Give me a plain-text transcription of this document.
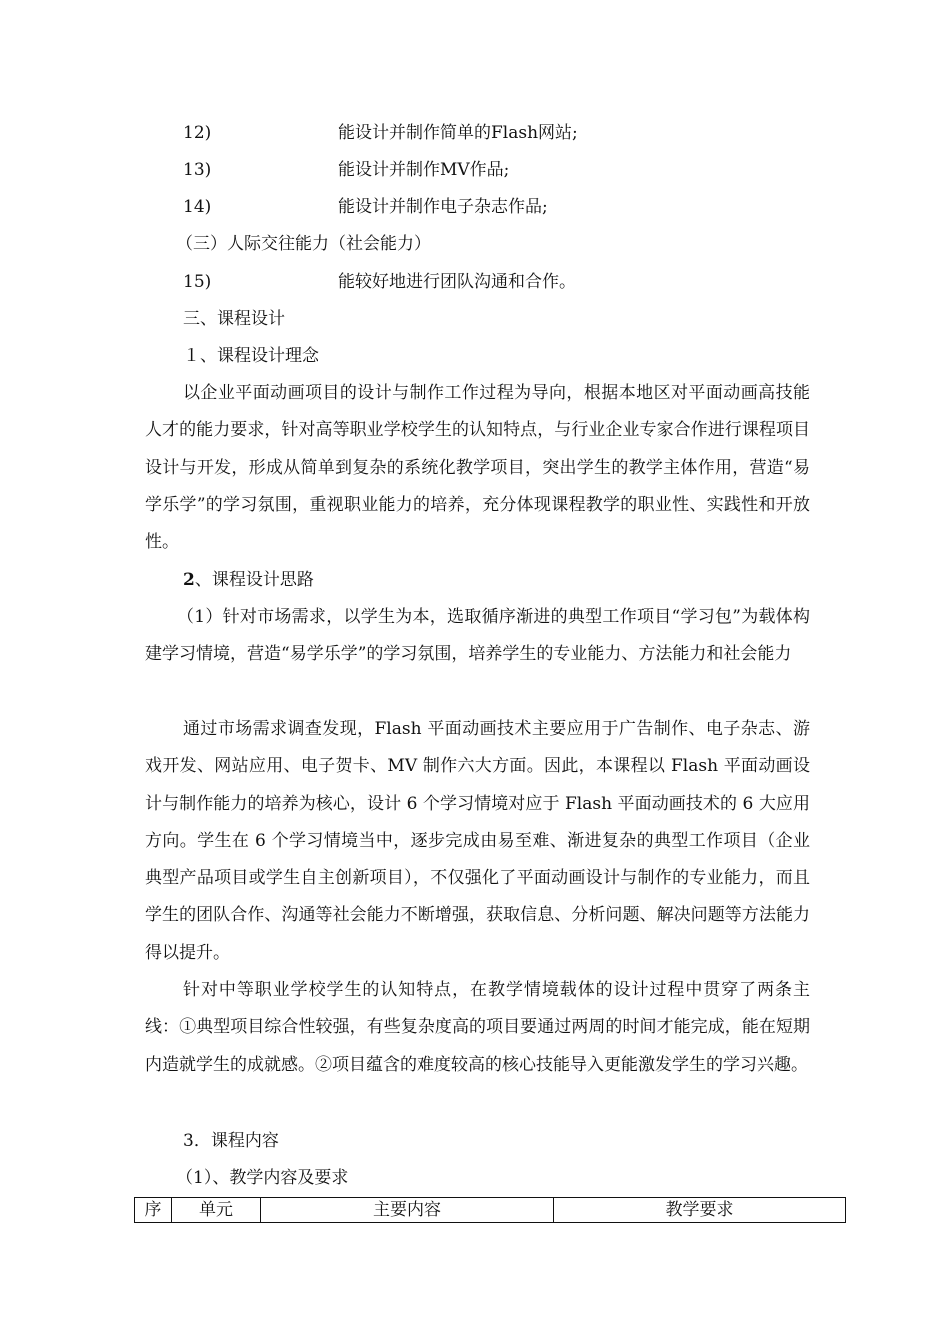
12)	能设计并制作简单的Flash网站;
13)	能设计并制作MV作品;
14)	能设计并制作电子杂志作品;
（三）人际交往能力（社会能力）
15)	能较好地进行团队沟通和合作。
三、课程设计
１、课程设计理念

以企业平面动画项目的设计与制作工作过程为导向，根据本地区对平面动画高技能人才的能力要求，针对高等职业学校学生的认知特点，与行业企业专家合作进行课程项目设计与开发，形成从简单到复杂的系统化教学项目，突出学生的教学主体作用，营造“易学乐学”的学习氛围，重视职业能力的培养，充分体现课程教学的职业性、实践性和开放性。

2、课程设计思路

（1）针对市场需求，以学生为本，选取循序渐进的典型工作项目“学习包”为载体构建学习情境，营造“易学乐学”的学习氛围，培养学生的专业能力、方法能力和社会能力

通过市场需求调查发现，Flash 平面动画技术主要应用于广告制作、电子杂志、游戏开发、网站应用、电子贺卡、MV 制作六大方面。因此，本课程以 Flash 平面动画设计与制作能力的培养为核心，设计 6 个学习情境对应于 Flash 平面动画技术的 6 大应用方向。学生在 6 个学习情境当中，逐步完成由易至难、渐进复杂的典型工作项目（企业典型产品项目或学生自主创新项目），不仅强化了平面动画设计与制作的专业能力，而且学生的团队合作、沟通等社会能力不断增强，获取信息、分析问题、解决问题等方法能力得以提升。

针对中等职业学校学生的认知特点，在教学情境载体的设计过程中贯穿了两条主线：①典型项目综合性较强，有些复杂度高的项目要通过两周的时间才能完成，能在短期内造就学生的成就感。②项目蕴含的难度较高的核心技能导入更能激发学生的学习兴趣。

3．课程内容
（1）、教学内容及要求
序	单元	主要内容	教学要求
